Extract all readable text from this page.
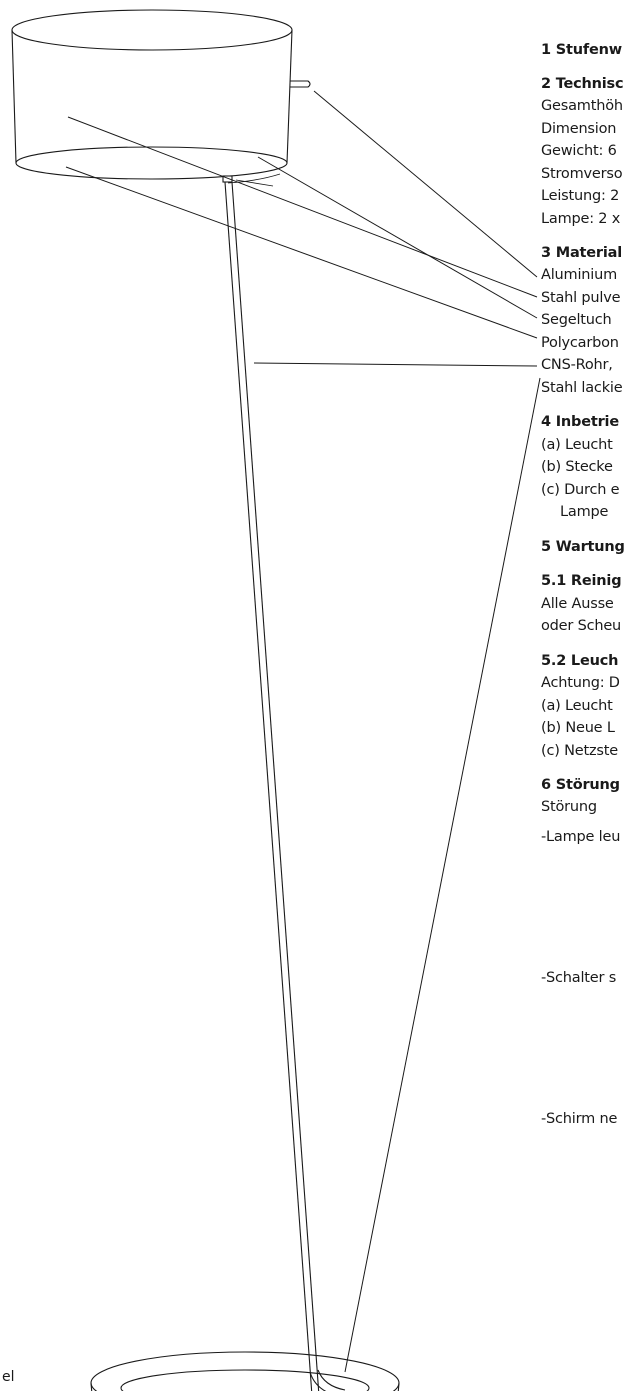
1 Stufenw
2 Technisc
Gesamthöh
Dimension
Gewicht: 6
Stromverso
Leistung: 2
Lampe: 2 x
3 Material
Aluminium
Stahl pulve
Segeltuch
Polycarbon
CNS-Rohr,
Stahl lackie
4 Inbetrie
(a) Leucht
(b) Stecke
(c) Durch e
Lampe
5 Wartung
5.1 Reinig
Alle Ausse
oder Scheu
5.2 Leuch
Achtung: D
(a) Leucht
(b) Neue L
(c) Netzste
6 Störung
Störung
-Lampe leu
-Schalter s
-Schirm ne
el
